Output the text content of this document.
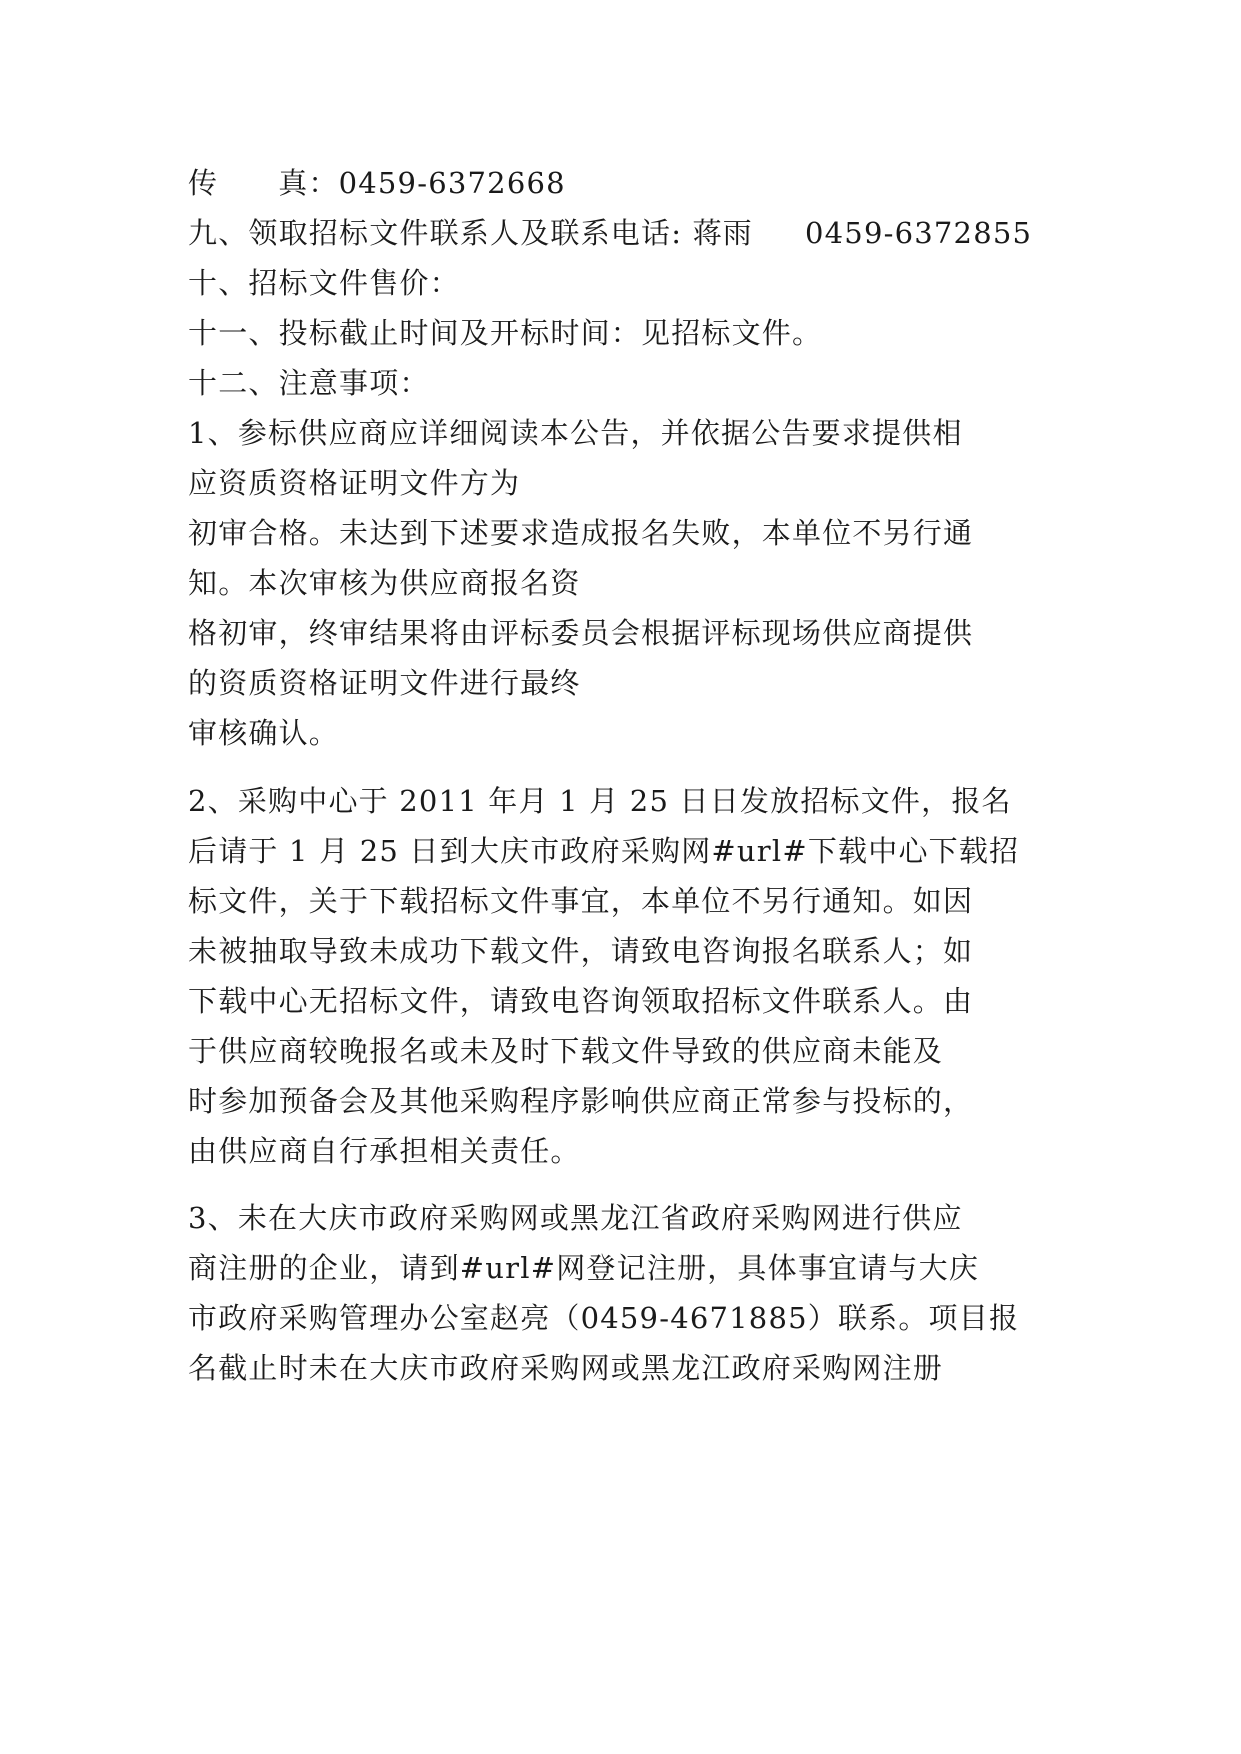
传 真：0459-6372668

九、领取招标文件联系人及联系电话: 蒋雨 0459-6372855

十、招标文件售价：

十一、投标截止时间及开标时间：见招标文件。

十二、注意事项：

1、参标供应商应详细阅读本公告，并依据公告要求提供相

应资质资格证明文件方为

初审合格。未达到下述要求造成报名失败，本单位不另行通

知。本次审核为供应商报名资

格初审，终审结果将由评标委员会根据评标现场供应商提供

的资质资格证明文件进行最终

审核确认。

2、采购中心于 2011 年月 1 月 25 日日发放招标文件，报名

后请于 1 月 25 日到大庆市政府采购网#url#下载中心下载招

标文件，关于下载招标文件事宜，本单位不另行通知。如因

未被抽取导致未成功下载文件，请致电咨询报名联系人；如

下载中心无招标文件，请致电咨询领取招标文件联系人。由

于供应商较晚报名或未及时下载文件导致的供应商未能及

时参加预备会及其他采购程序影响供应商正常参与投标的，

由供应商自行承担相关责任。

3、未在大庆市政府采购网或黑龙江省政府采购网进行供应

商注册的企业，请到#url#网登记注册，具体事宜请与大庆

市政府采购管理办公室赵亮（0459-4671885）联系。项目报

名截止时未在大庆市政府采购网或黑龙江政府采购网注册
